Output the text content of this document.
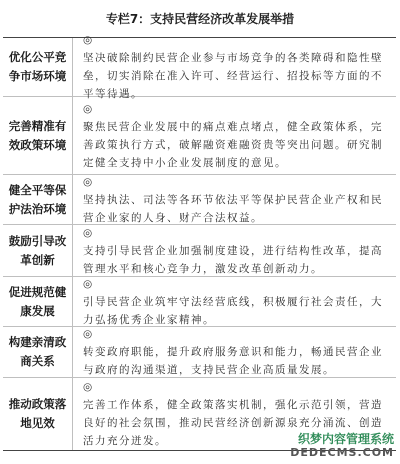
专栏7：支持民营经济改革发展举措
优化公平竞争市场环境
◎
坚决破除制约民营企业参与市场竞争的各类障碍和隐性壁垒，切实消除在准入许可、经营运行、招投标等方面的不平等待遇。
完善精准有效政策环境
◎
聚焦民营企业发展中的痛点难点堵点，健全政策体系，完善政策执行方式，破解融资难融资贵等突出问题。研究制定健全支持中小企业发展制度的意见。
健全平等保护法治环境
◎
坚持执法、司法等各环节依法平等保护民营企业产权和民营企业家的人身、财产合法权益。
鼓励引导改革创新
◎
支持引导民营企业加强制度建设，进行结构性改革，提高管理水平和核心竞争力，激发改革创新动力。
促进规范健康发展
◎
引导民营企业筑牢守法经营底线，积极履行社会责任，大力弘扬优秀企业家精神。
构建亲清政商关系
◎
转变政府职能，提升政府服务意识和能力，畅通民营企业与政府的沟通渠道，支持民营企业高质量发展。
推动政策落地见效
◎
完善工作体系，健全政策落实机制，强化示范引领，营造良好的社会氛围，推动民营经济创新源泉充分涌流、创造活力充分迸发。	织梦内容管理系统
DEDECMS.COM
